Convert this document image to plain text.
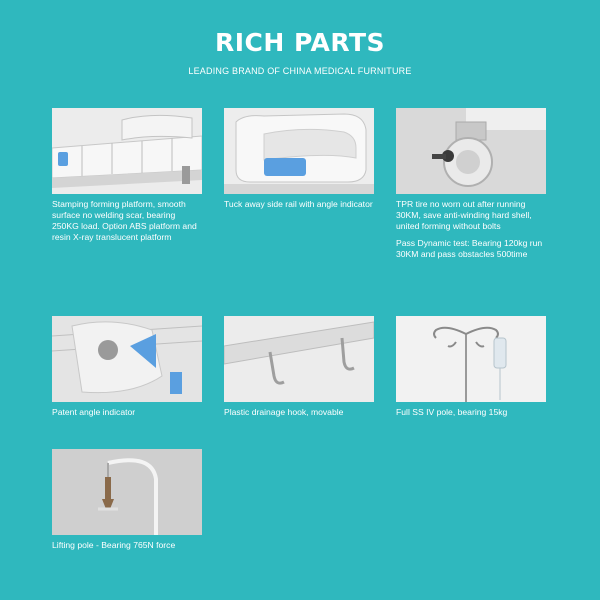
RICH PARTS
LEADING BRAND OF CHINA MEDICAL FURNITURE
Stamping forming platform, smooth surface no welding scar, bearing 250KG load. Option ABS platform and resin X-ray translucent platform
Tuck away side rail with angle indicator	TPR tire no worn out after running 30KM, save anti-winding hard shell, united forming without bolts
Pass Dynamic test: Bearing 120kg run 30KM and pass obstacles 500time
Patent angle indicator	Plastic drainage hook, movable	Full SS IV pole, bearing 15kg
Lifting pole - Bearing 765N force
